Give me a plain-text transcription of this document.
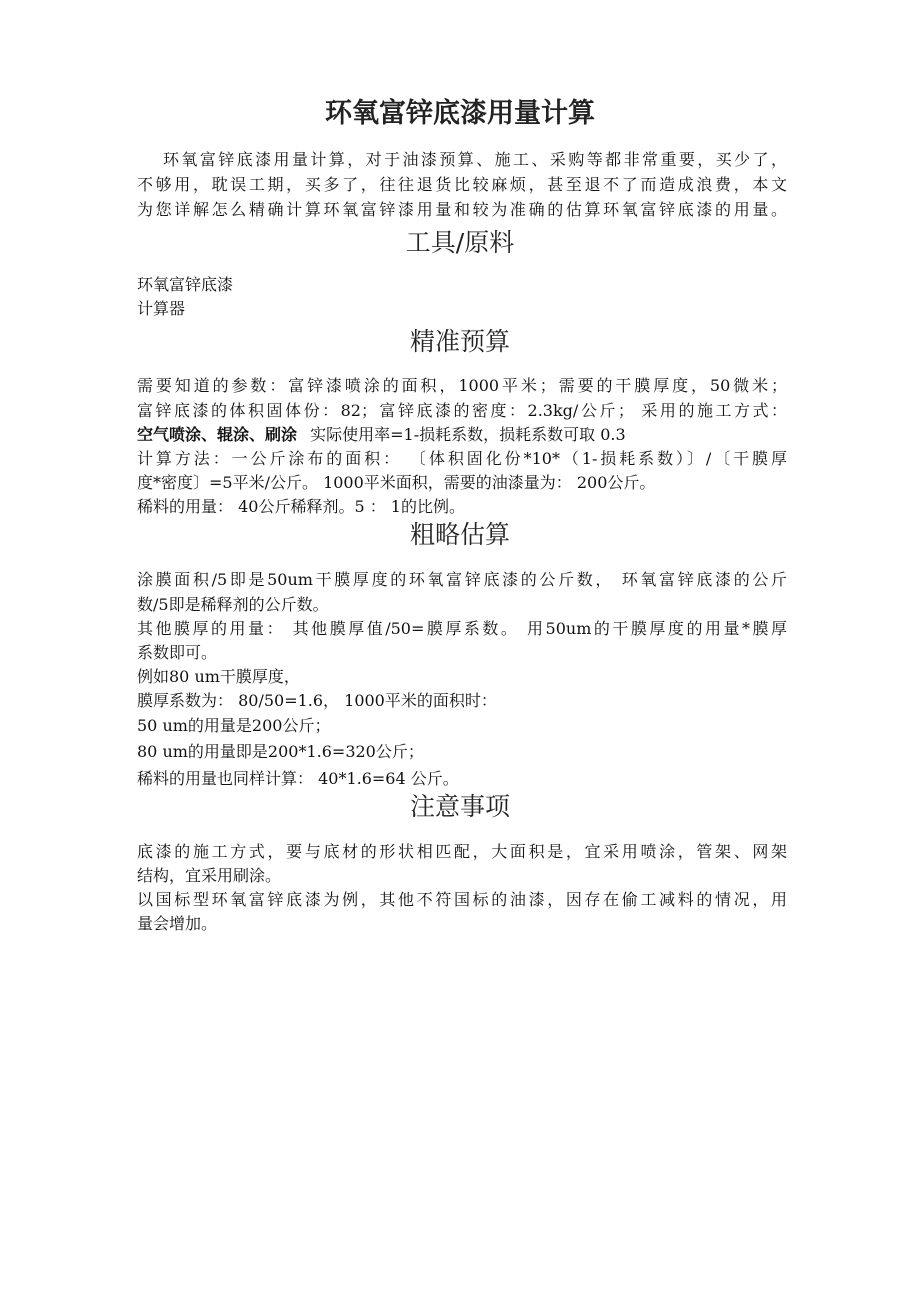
环氧富锌底漆用量计算
环氧富锌底漆用量计算，对于油漆预算、施工、采购等都非常重要，买少了，
不够用，耽误工期，买多了，往往退货比较麻烦，甚至退不了而造成浪费，本文
为您详解怎么精确计算环氧富锌漆用量和较为准确的估算环氧富锌底漆的用量。
工具/原料
环氧富锌底漆
计算器
精准预算
需要知道的参数：富锌漆喷涂的面积，1000平米；需要的干膜厚度，50微米；
富锌底漆的体积固体份：82；富锌底漆的密度：2.3kg/公斤； 采用的施工方式：
空气喷涂、辊涂、刷涂 实际使用率=1-损耗系数，损耗系数可取 0.3
计算方法：一公斤涂布的面积： 〔体积固化份*10*（1-损耗系数）〕/〔干膜厚
度*密度〕=5平米/公斤。 1000平米面积，需要的油漆量为： 200公斤。
稀料的用量： 40公斤稀释剂。5 ： 1的比例。
粗略估算
涂膜面积/5即是50um干膜厚度的环氧富锌底漆的公斤数， 环氧富锌底漆的公斤
数/5即是稀释剂的公斤数。
其他膜厚的用量： 其他膜厚值/50=膜厚系数。 用50um的干膜厚度的用量*膜厚
系数即可。
例如80 um干膜厚度，
膜厚系数为： 80/50=1.6， 1000平米的面积时：
50 um的用量是200公斤；
80 um的用量即是200*1.6=320公斤；
稀料的用量也同样计算： 40*1.6=64 公斤。
注意事项
底漆的施工方式，要与底材的形状相匹配，大面积是，宜采用喷涂，管架、网架
结构，宜采用刷涂。
以国标型环氧富锌底漆为例，其他不符国标的油漆，因存在偷工减料的情况，用
量会增加。
